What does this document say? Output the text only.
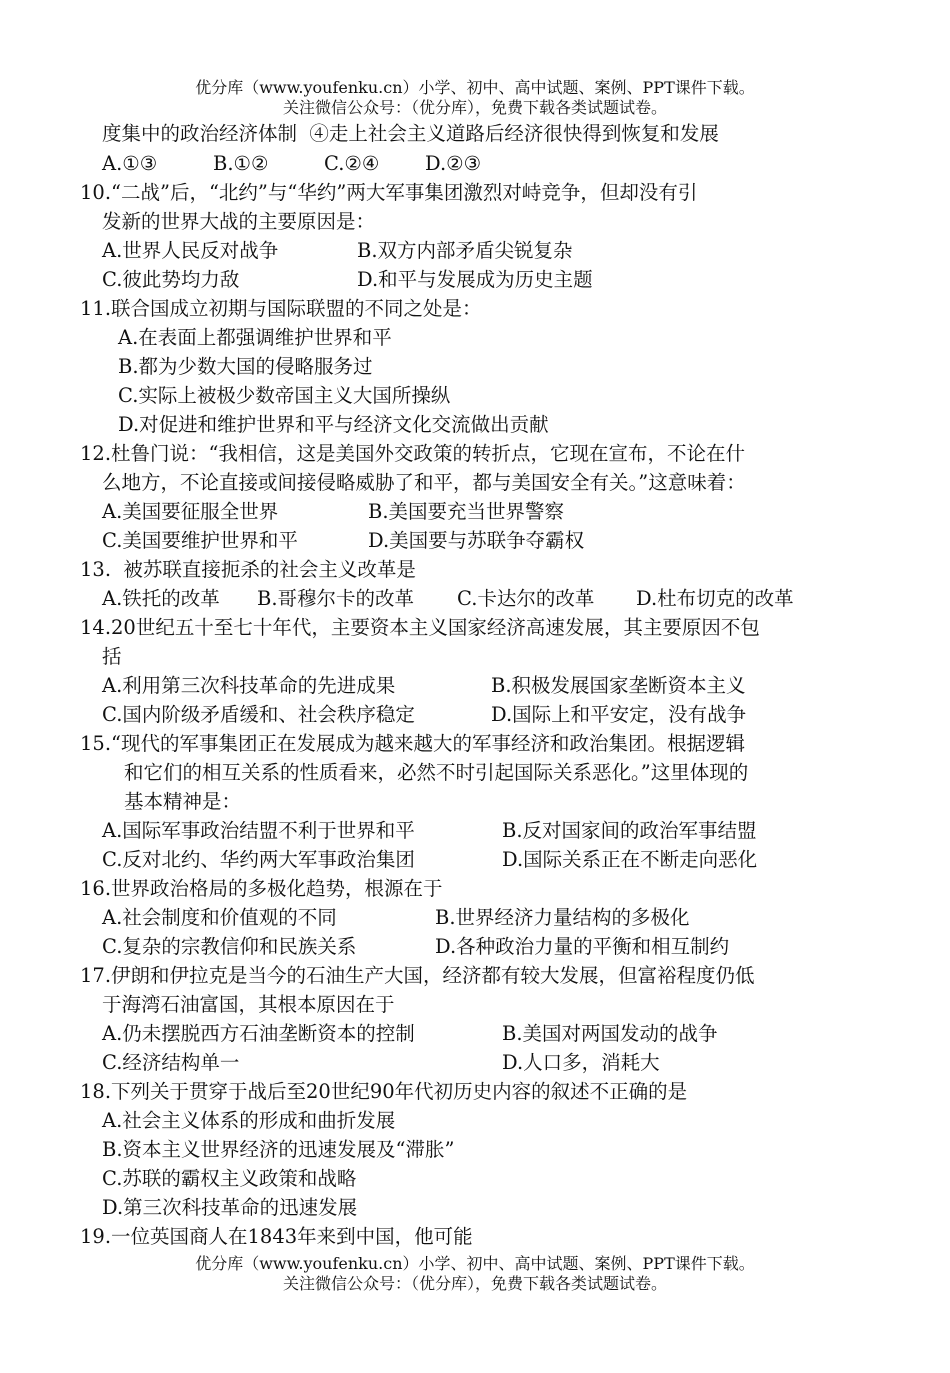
优分库（www.youfenku.cn）小学、初中、高中试题、案例、PPT课件下载。
关注微信公众号：（优分库），免费下载各类试题试卷。
度集中的政治经济体制  ④走上社会主义道路后经济很快得到恢复和发展
A.①③	B.①②	C.②④ D.②③
10.“二战”后，“北约”与“华约”两大军事集团激烈对峙竞争，但却没有引
发新的世界大战的主要原因是：
A.世界人民反对战争	B.双方内部矛盾尖锐复杂
C.彼此势均力敌	D.和平与发展成为历史主题
11.联合国成立初期与国际联盟的不同之处是：
A.在表面上都强调维护世界和平
B.都为少数大国的侵略服务过
C.实际上被极少数帝国主义大国所操纵
D.对促进和维护世界和平与经济文化交流做出贡献
12.杜鲁门说：“我相信，这是美国外交政策的转折点，它现在宣布，不论在什
么地方，不论直接或间接侵略威胁了和平，都与美国安全有关。”这意味着：
A.美国要征服全世界	B.美国要充当世界警察
C.美国要维护世界和平	D.美国要与苏联争夺霸权
13.  被苏联直接扼杀的社会主义改革是
A.铁托的改革 B.哥穆尔卡的改革 C.卡达尔的改革 D.杜布切克的改革
14.20世纪五十至七十年代，主要资本主义国家经济高速发展，其主要原因不包
括
A.利用第三次科技革命的先进成果	B.积极发展国家垄断资本主义
C.国内阶级矛盾缓和、社会秩序稳定	D.国际上和平安定，没有战争
15.“现代的军事集团正在发展成为越来越大的军事经济和政治集团。根据逻辑
和它们的相互关系的性质看来，必然不时引起国际关系恶化。”这里体现的
基本精神是：
A.国际军事政治结盟不利于世界和平	B.反对国家间的政治军事结盟
C.反对北约、华约两大军事政治集团	D.国际关系正在不断走向恶化
16.世界政治格局的多极化趋势，根源在于
A.社会制度和价值观的不同	B.世界经济力量结构的多极化
C.复杂的宗教信仰和民族关系	D.各种政治力量的平衡和相互制约
17.伊朗和伊拉克是当今的石油生产大国，经济都有较大发展，但富裕程度仍低
于海湾石油富国，其根本原因在于
A.仍未摆脱西方石油垄断资本的控制	B.美国对两国发动的战争
C.经济结构单一	D.人口多，消耗大
18.下列关于贯穿于战后至20世纪90年代初历史内容的叙述不正确的是
A.社会主义体系的形成和曲折发展
B.资本主义世界经济的迅速发展及“滞胀”
C.苏联的霸权主义政策和战略
D.第三次科技革命的迅速发展
19.一位英国商人在1843年来到中国，他可能
优分库（www.youfenku.cn）小学、初中、高中试题、案例、PPT课件下载。
关注微信公众号：（优分库），免费下载各类试题试卷。
